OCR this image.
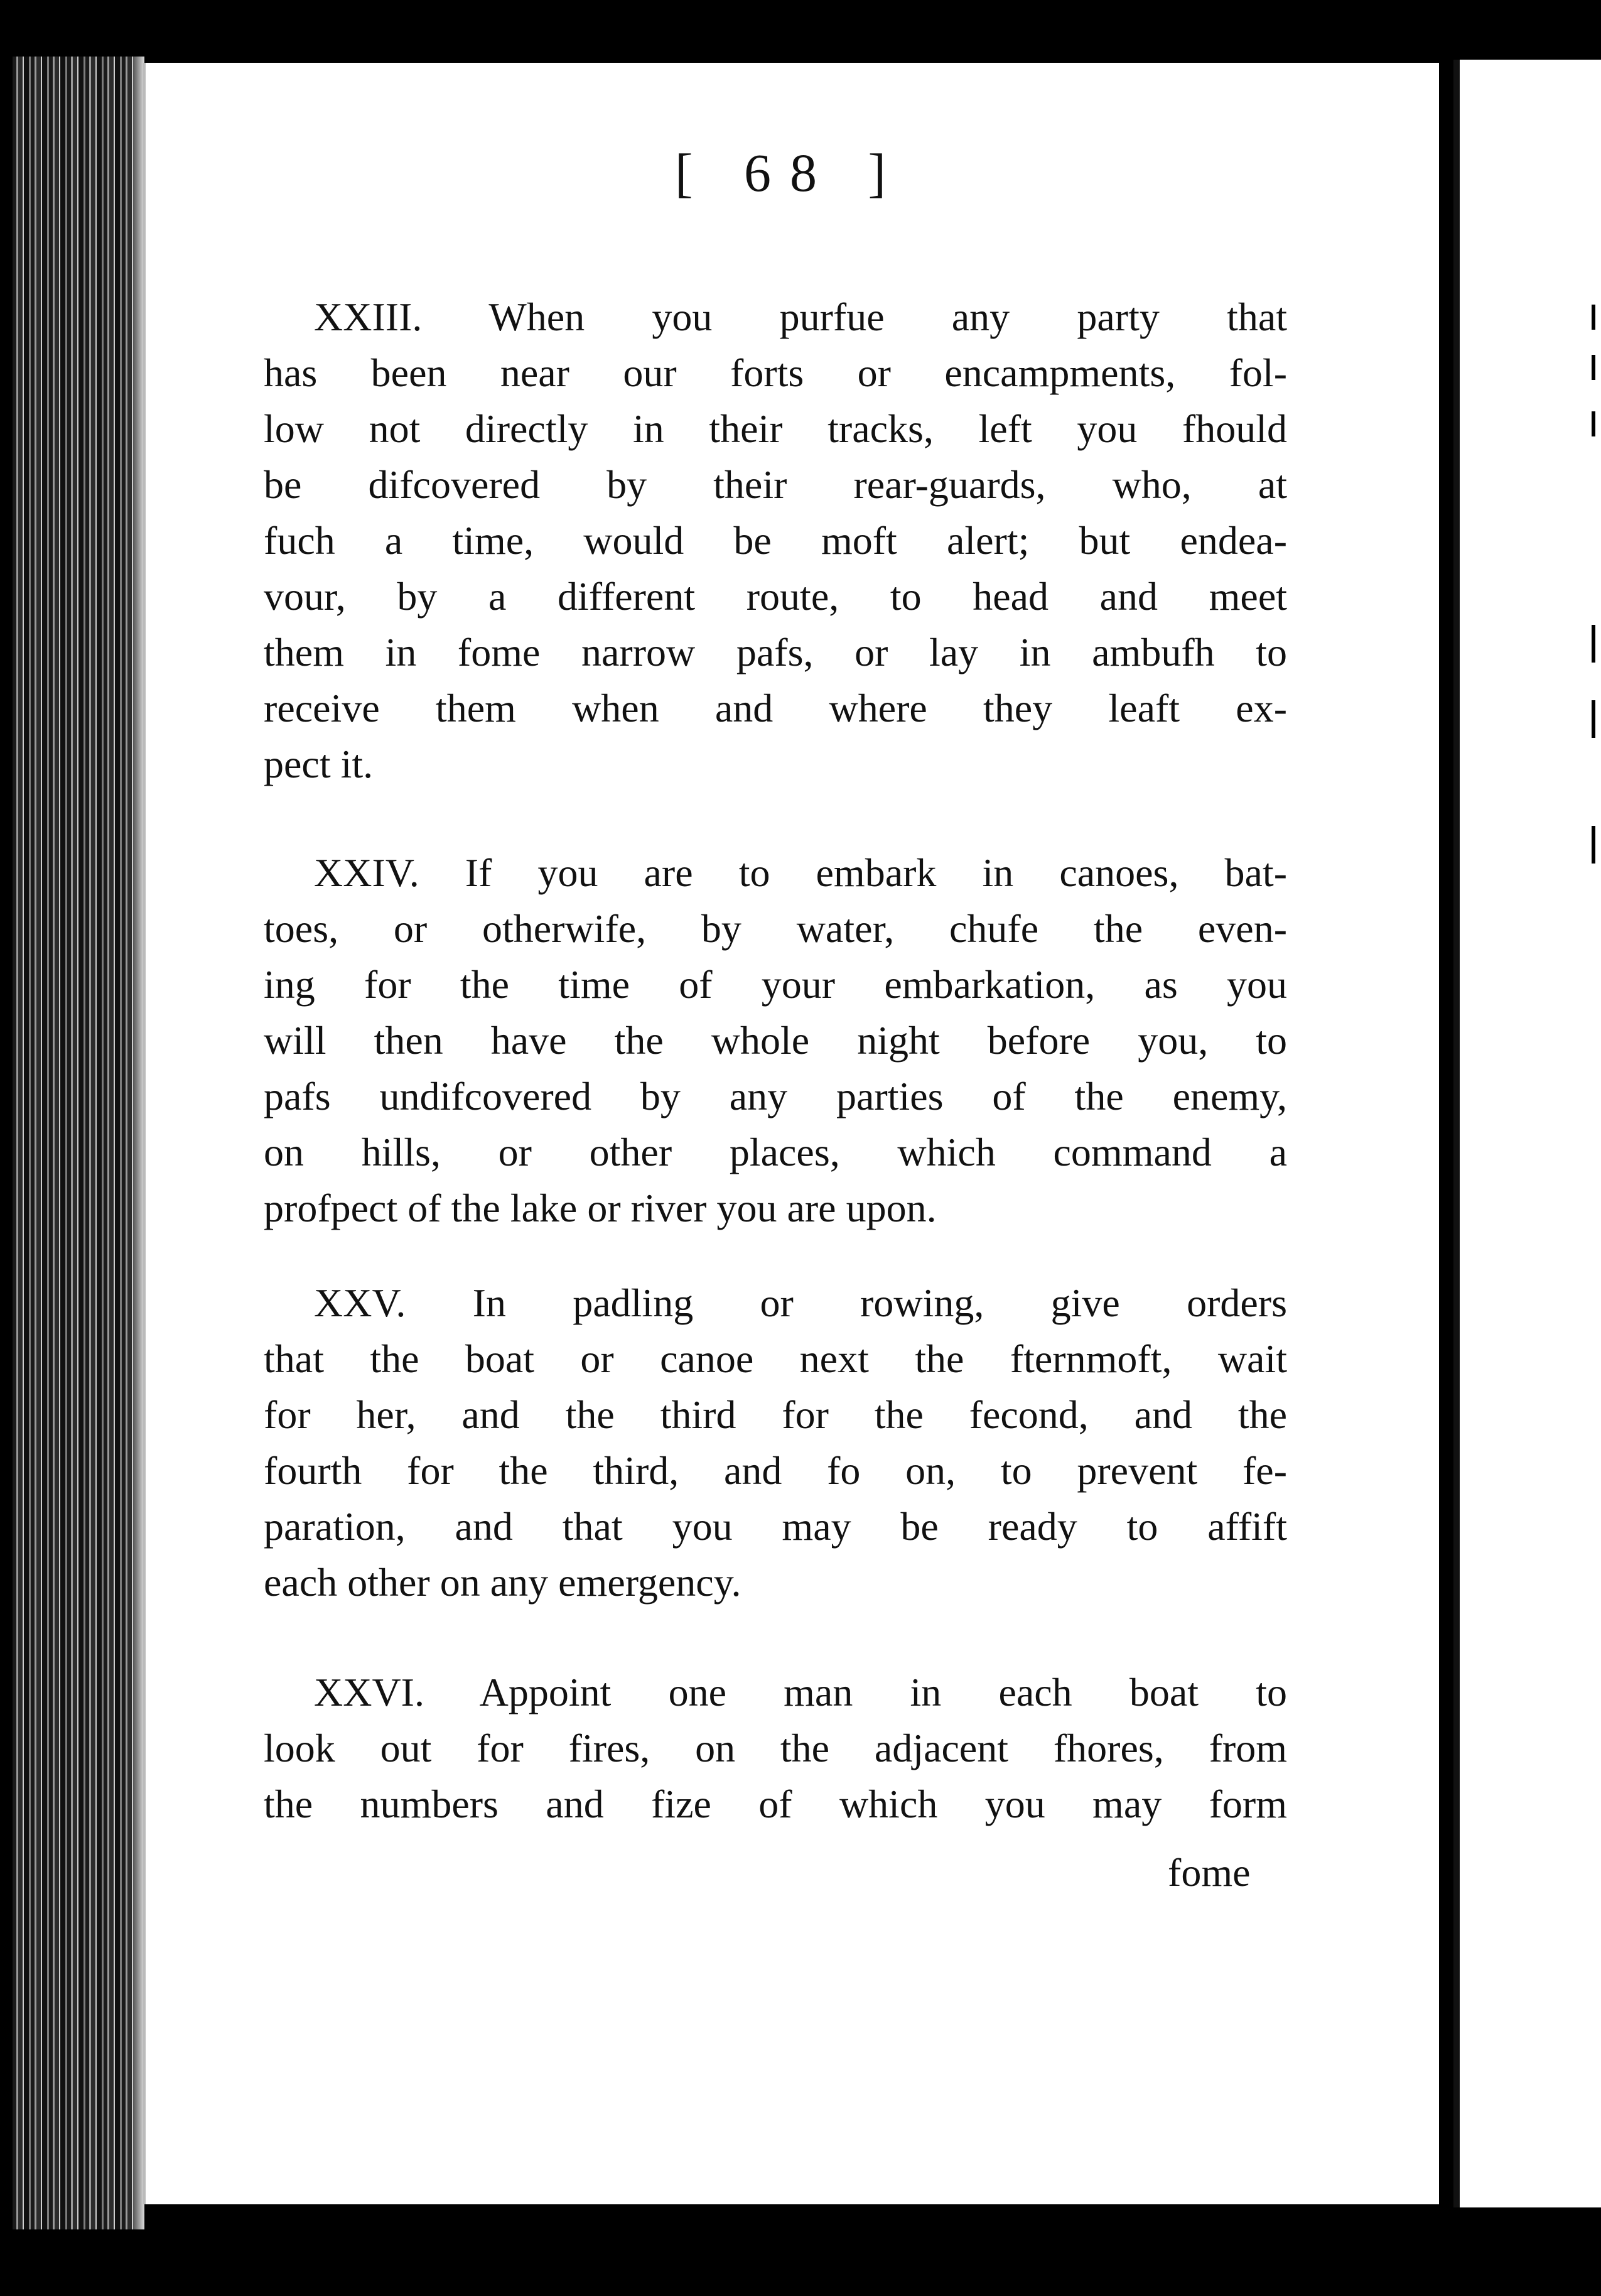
[ 68 ]
XXIII. When you purfue any party that
has been near our forts or encampments, fol-
low not directly in their tracks, left you fhould
be difcovered by their rear-guards, who, at
fuch a time, would be moft alert; but endea-
vour, by a different route, to head and meet
them in fome narrow pafs, or lay in ambufh to
receive them when and where they leaft ex-
pect it.
XXIV. If you are to embark in canoes, bat-
toes, or otherwife, by water, chufe the even-
ing for the time of your embarkation, as you
will then have the whole night before you, to
pafs undifcovered by any parties of the enemy,
on hills, or other places, which command a
profpect of the lake or river you are upon.
XXV. In padling or rowing, give orders
that the boat or canoe next the fternmoft, wait
for her, and the third for the fecond, and the
fourth for the third, and fo on, to prevent fe-
paration, and that you may be ready to affift
each other on any emergency.
XXVI. Appoint one man in each boat to
look out for fires, on the adjacent fhores, from
the numbers and fize of which you may form
fome
